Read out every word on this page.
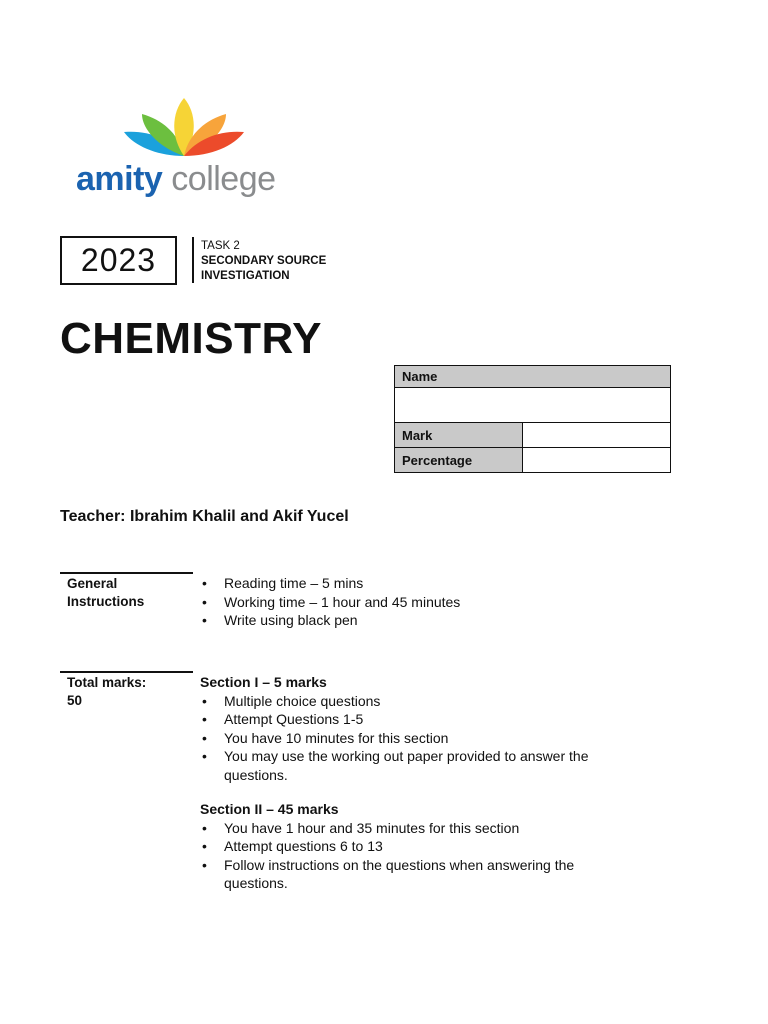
amity college
2023	TASK 2
SECONDARY SOURCE
INVESTIGATION
CHEMISTRY
Name	

Mark	
Percentage	
Teacher: Ibrahim Khalil and Akif Yucel
General
Instructions
• Reading time – 5 mins
• Working time – 1 hour and 45 minutes
• Write using black pen
Total marks:
50
Section I – 5 marks
• Multiple choice questions
• Attempt Questions 1-5
• You have 10 minutes for this section
• You may use the working out paper provided to answer the questions.
Section II – 45 marks
• You have 1 hour and 35 minutes for this section
• Attempt questions 6 to 13
• Follow instructions on the questions when answering the questions.
